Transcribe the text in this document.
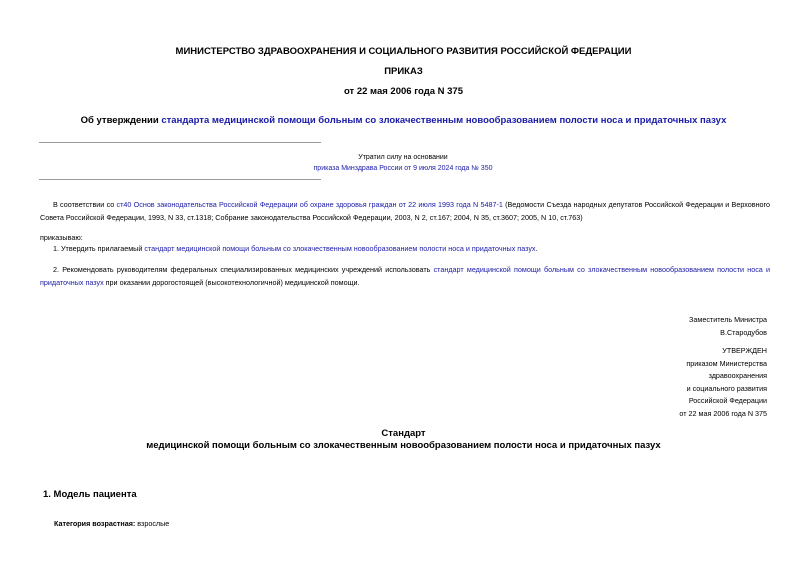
МИНИСТЕРСТВО ЗДРАВООХРАНЕНИЯ И СОЦИАЛЬНОГО РАЗВИТИЯ РОССИЙСКОЙ ФЕДЕРАЦИИ
ПРИКАЗ
от 22 мая 2006 года N 375
Об утверждении стандарта медицинской помощи больным со злокачественным новообразованием полости носа и придаточных пазух
Утратил силу на основании
приказа Минздрава России от 9 июля 2024 года № 350
В соответствии со ст40 Основ законодательства Российской Федерации об охране здоровья граждан от 22 июля 1993 года N 5487-1 (Ведомости Съезда народных депутатов Российской Федерации и Верховного Совета Российской Федерации, 1993, N 33, ст.1318; Собрание законодательства Российской Федерации, 2003, N 2, ст.167; 2004, N 35, ст.3607; 2005, N 10, ст.763)
приказываю:
1. Утвердить прилагаемый стандарт медицинской помощи больным со злокачественным новообразованием полости носа и придаточных пазух.
2. Рекомендовать руководителям федеральных специализированных медицинских учреждений использовать стандарт медицинской помощи больным со злокачественным новообразованием полости носа и придаточных пазух при оказании дорогостоящей (высокотехнологичной) медицинской помощи.
Заместитель Министра
В.Стародубов
УТВЕРЖДЕН
приказом Министерства
здравоохранения
и социального развития
Российской Федерации
от 22 мая 2006 года N 375
Стандарт
медицинской помощи больным со злокачественным новообразованием полости носа и придаточных пазух
1. Модель пациента
Категория возрастная: взрослые
